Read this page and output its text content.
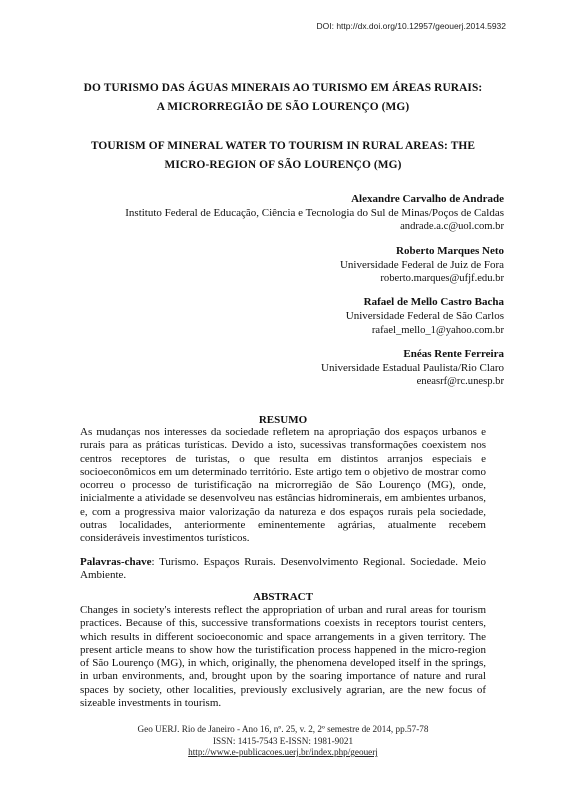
DOI: http://dx.doi.org/10.12957/geouerj.2014.5932
DO TURISMO DAS ÁGUAS MINERAIS AO TURISMO EM ÁREAS RURAIS:
A MICRORREGIÃO DE SÃO LOURENÇO (MG)
TOURISM OF MINERAL WATER TO TOURISM IN RURAL AREAS: THE
MICRO-REGION OF SÃO LOURENÇO (MG)
Alexandre Carvalho de Andrade
Instituto Federal de Educação, Ciência e Tecnologia do Sul de Minas/Poços de Caldas
andrade.a.c@uol.com.br
Roberto Marques Neto
Universidade Federal de Juiz de Fora
roberto.marques@ufjf.edu.br
Rafael de Mello Castro Bacha
Universidade Federal de São Carlos
rafael_mello_1@yahoo.com.br
Enéas Rente Ferreira
Universidade Estadual Paulista/Rio Claro
eneasrf@rc.unesp.br
RESUMO
As mudanças nos interesses da sociedade refletem na apropriação dos espaços urbanos e rurais para as práticas turísticas. Devido a isto, sucessivas transformações coexistem nos centros receptores de turistas, o que resulta em distintos arranjos especiais e socioeconômicos em um determinado território. Este artigo tem o objetivo de mostrar como ocorreu o processo de turistificação na microrregião de São Lourenço (MG), onde, inicialmente a atividade se desenvolveu nas estâncias hidrominerais, em ambientes urbanos, e, com a progressiva maior valorização da natureza e dos espaços rurais pela sociedade, outras localidades, anteriormente eminentemente agrárias, atualmente recebem consideráveis investimentos turísticos.
Palavras-chave: Turismo. Espaços Rurais. Desenvolvimento Regional. Sociedade. Meio Ambiente.
ABSTRACT
Changes in society's interests reflect the appropriation of urban and rural areas for tourism practices. Because of this, successive transformations coexists in receptors tourist centers, which results in different socioeconomic and space arrangements in a given territory. The present article means to show how the turistification process happened in the micro-region of São Lourenço (MG), in which, originally, the phenomena developed itself in the springs, in urban environments, and, brought upon by the soaring importance of nature and rural spaces by society, other localities, previously exclusively agrarian, are the new focus of sizeable investments in tourism.
Geo UERJ. Rio de Janeiro - Ano 16, nº. 25, v. 2, 2º semestre de 2014, pp.57-78
ISSN: 1415-7543 E-ISSN: 1981-9021
http://www.e-publicacoes.uerj.br/index.php/geouerj
